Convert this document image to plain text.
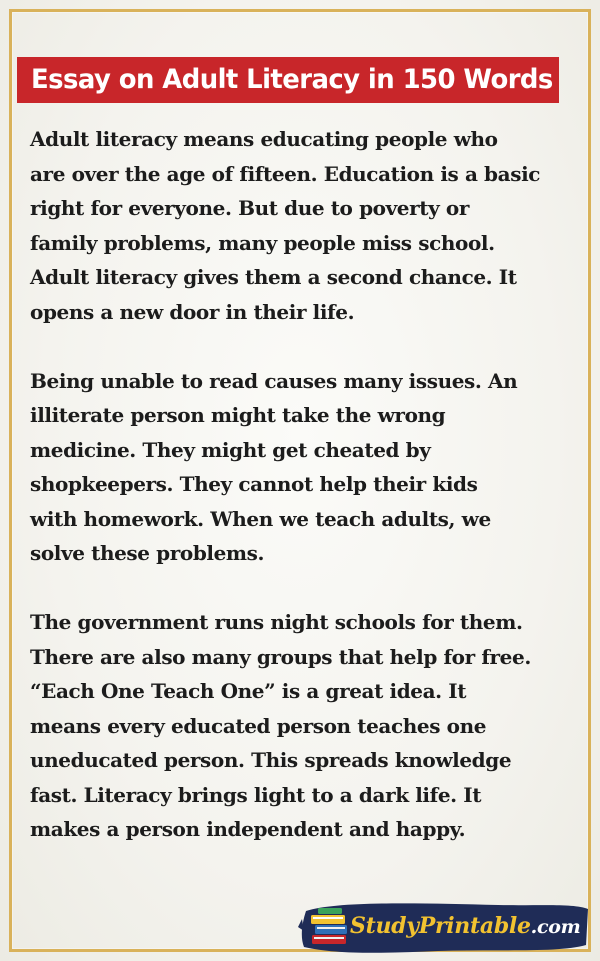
Essay on Adult Literacy in 150 Words

Adult literacy means educating people who
are over the age of fifteen. Education is a basic
right for everyone. But due to poverty or
family problems, many people miss school.
Adult literacy gives them a second chance. It
opens a new door in their life.

Being unable to read causes many issues. An
illiterate person might take the wrong
medicine. They might get cheated by
shopkeepers. They cannot help their kids
with homework. When we teach adults, we
solve these problems.

The government runs night schools for them.
There are also many groups that help for free.
“Each One Teach One” is a great idea. It
means every educated person teaches one
uneducated person. This spreads knowledge
fast. Literacy brings light to a dark life. It
makes a person independent and happy.

StudyPrintable.com
